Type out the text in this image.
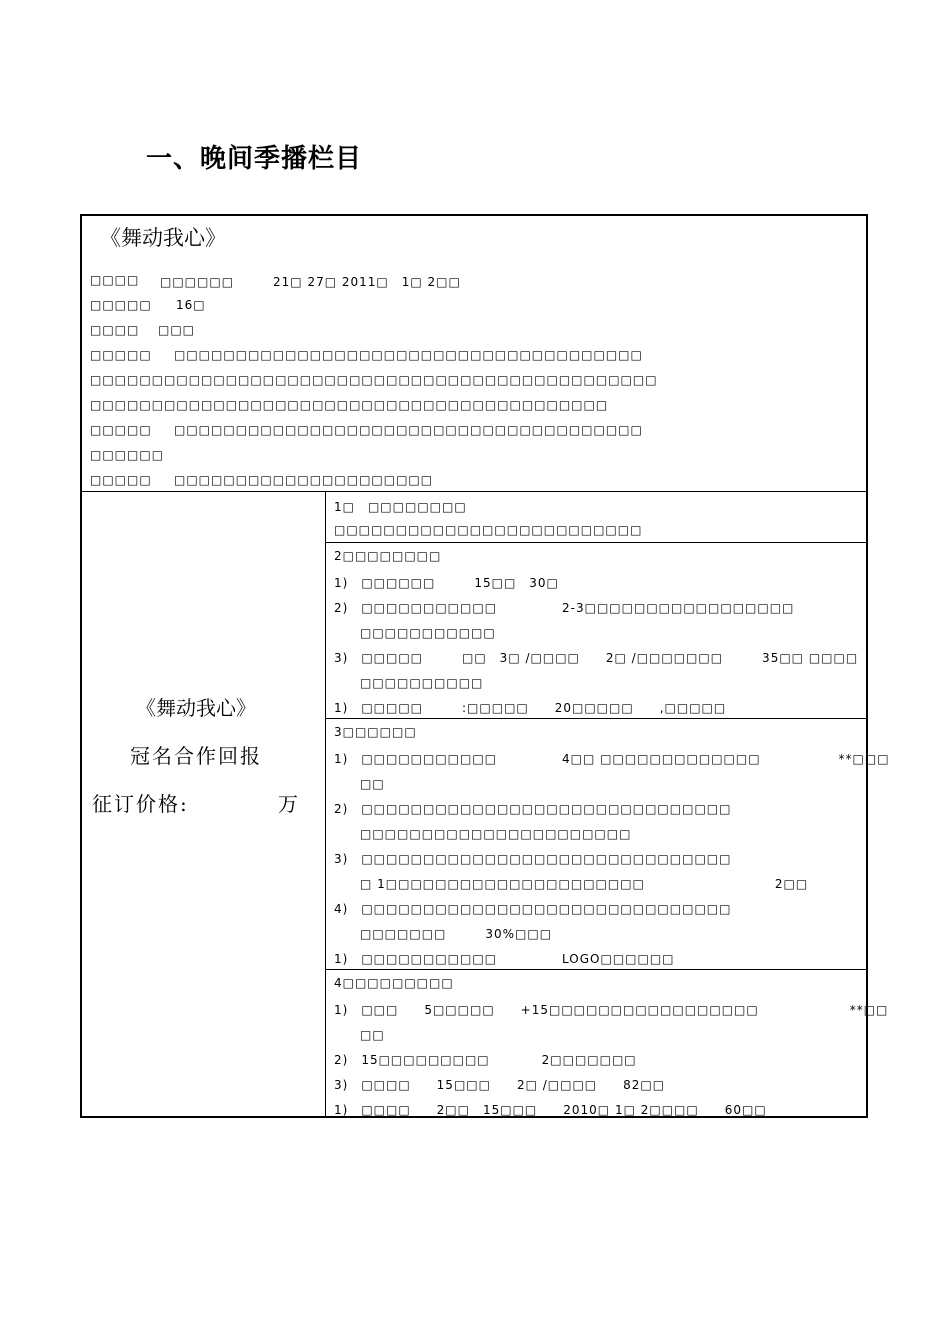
一、晚间季播栏目
《舞动我心》
□□□□ □□□□□□　　　21□ 27□ 2011□　1□ 2□□
□□□□□ 16□
□□□□ □□□
□□□□□ □□□□□□□□□□□□□□□□□□□□□□□□□□□□□□□□□□□□□□
□□□□□□□□□□□□□□□□□□□□□□□□□□□□□□□□□□□□□□□□□□□□□□
□□□□□□□□□□□□□□□□□□□□□□□□□□□□□□□□□□□□□□□□□□
□□□□□ □□□□□□□□□□□□□□□□□□□□□□□□□□□□□□□□□□□□□□
□□□□□□
□□□□□ □□□□□□□□□□□□□□□□□□□□□
《舞动我心》
冠名合作回报
征订价格:	万
1□　□□□□□□□□
□□□□□□□□□□□□□□□□□□□□□□□□□
2□□□□□□□□
1)　□□□□□□　　　15□□　30□
2)　□□□□□□□□□□□　　　　　2-3□□□□□□□□□□□□□□□□□
　　□□□□□□□□□□□
3)　□□□□□　　　□□　3□ /□□□□　　2□ /□□□□□□□　　　35□□ □□□□
　　□□□□□□□□□□
1)　□□□□□　　　:□□□□□　　20□□□□□　　,□□□□□
3□□□□□□
1)　□□□□□□□□□□□　　　　　4□□ □□□□□□□□□□□□□　　　　　　**□□□
　　□□
2)　□□□□□□□□□□□□□□□□□□□□□□□□□□□□□□
　　□□□□□□□□□□□□□□□□□□□□□□
3)　□□□□□□□□□□□□□□□□□□□□□□□□□□□□□□
　　□ 1□□□□□□□□□□□□□□□□□□□□□　　　　　　　　　　2□□
4)　□□□□□□□□□□□□□□□□□□□□□□□□□□□□□□
　　□□□□□□□　　　30%□□□
1)　□□□□□□□□□□□　　　　　LOGO□□□□□□
4□□□□□□□□□
1)　□□□　　5□□□□□　　+15□□□□□□□□□□□□□□□□□　　　　　　　**□□
　　□□
2)　15□□□□□□□□□　　　　2□□□□□□□
3)　□□□□　　15□□□　　2□ /□□□□　　82□□
1)　□□□□　　2□□　15□□□　　2010□ 1□ 2□□□□　　60□□
